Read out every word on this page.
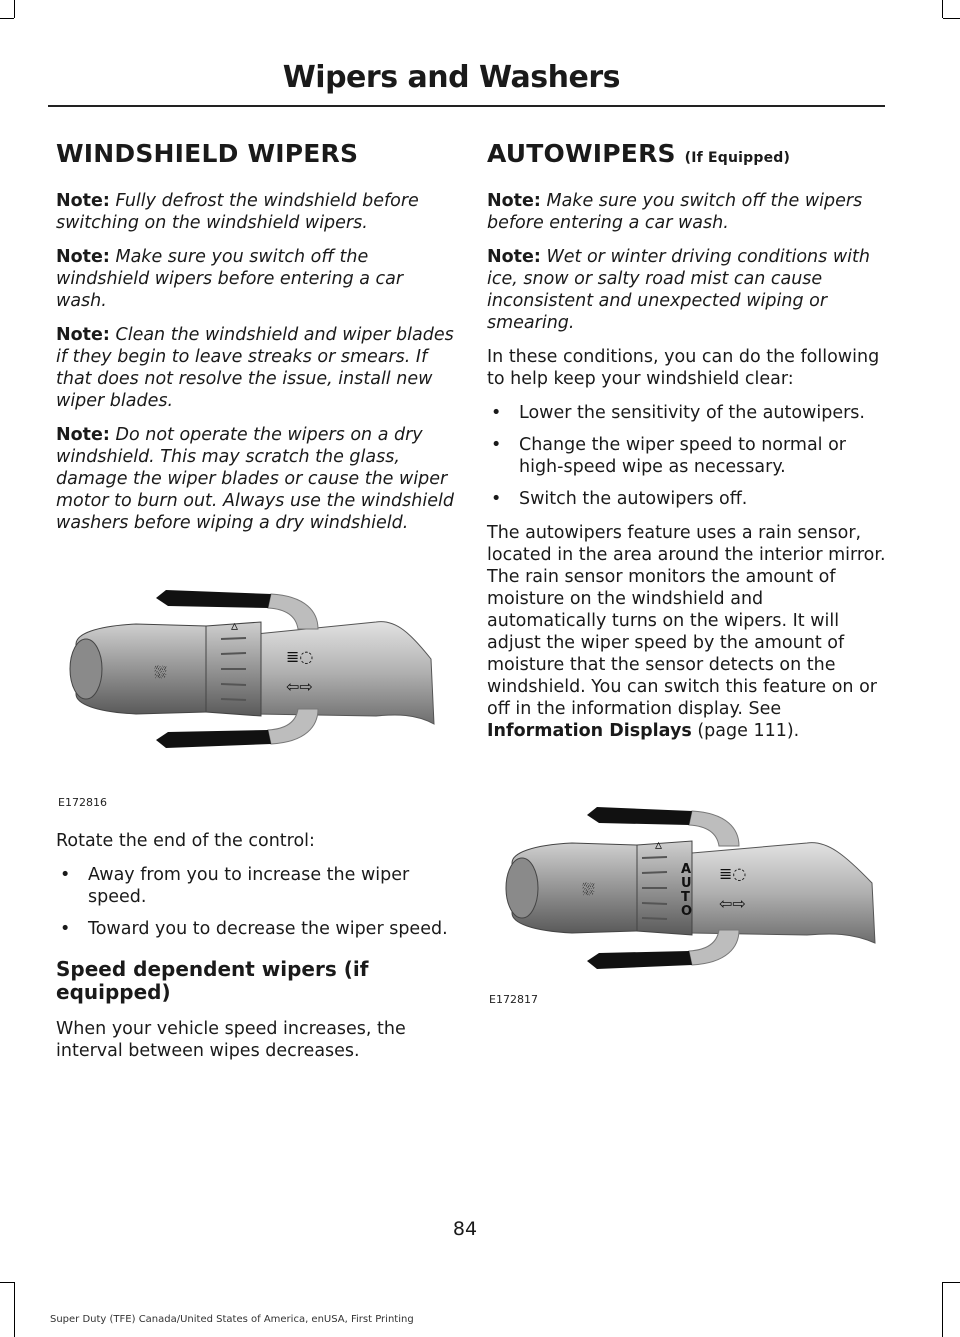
Wipers and Washers
WINDSHIELD WIPERS

Note: Fully defrost the windshield before switching on the windshield wipers.

Note: Make sure you switch off the windshield wipers before entering a car wash.

Note: Clean the windshield and wiper blades if they begin to leave streaks or smears. If that does not resolve the issue, install new wiper blades.

Note: Do not operate the wipers on a dry windshield. This may scratch the glass, damage the wiper blades or cause the wiper motor to burn out. Always use the windshield washers before wiping a dry windshield.

⛆
▵
≣◌
⇦⇨
E172816

Rotate the end of the control:

• Away from you to increase the wiper speed.
• Toward you to decrease the wiper speed.
Speed dependent wipers (if equipped)

When your vehicle speed increases, the interval between wipes decreases.

AUTOWIPERS (If Equipped)

Note: Make sure you switch off the wipers before entering a car wash.

Note: Wet or winter driving conditions with ice, snow or salty road mist can cause inconsistent and unexpected wiping or smearing.

In these conditions, you can do the following to help keep your windshield clear:

• Lower the sensitivity of the autowipers.
• Change the wiper speed to normal or high-speed wipe as necessary.
• Switch the autowipers off.

The autowipers feature uses a rain sensor, located in the area around the interior mirror. The rain sensor monitors the amount of moisture on the windshield and automatically turns on the wipers. It will adjust the wiper speed by the amount of moisture that the sensor detects on the windshield. You can switch this feature on or off in the information display. See
Information Displays (page 111).

⛆
▵
≣◌
⇦⇨
A
U
T
O
E172817
84
Super Duty (TFE) Canada/United States of America, enUSA, First Printing
